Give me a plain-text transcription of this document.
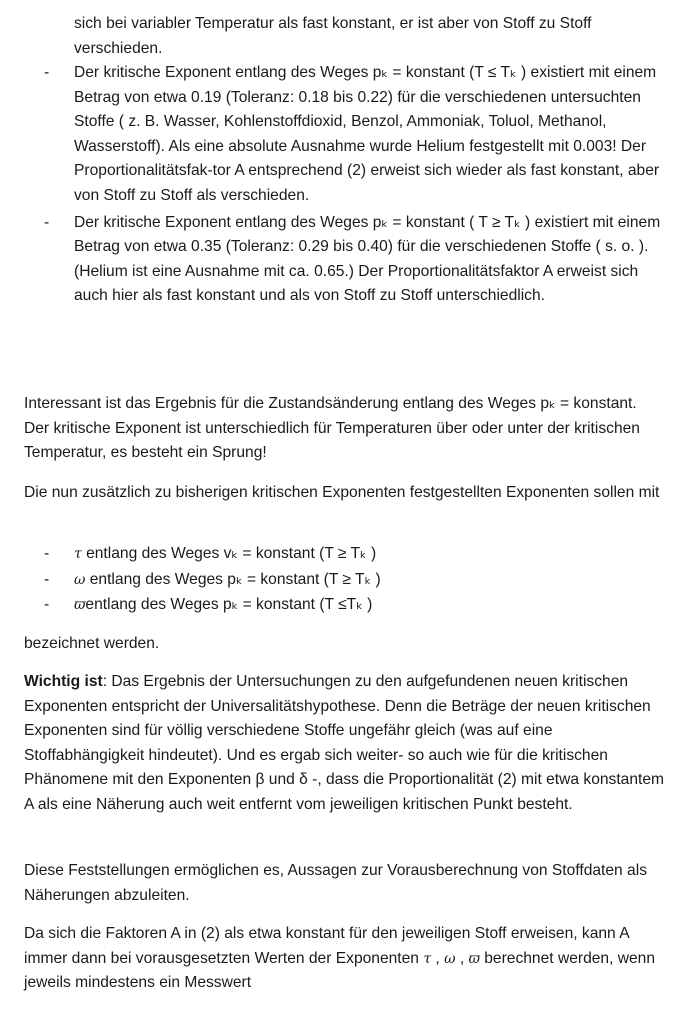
sich bei variabler Temperatur als fast konstant, er ist aber von Stoff zu Stoff verschieden.

- Der kritische Exponent entlang des Weges pₖ = konstant (T ≤ Tₖ ) existiert mit einem Betrag von etwa 0.19 (Toleranz: 0.18 bis 0.22) für die verschiedenen untersuchten Stoffe ( z. B. Wasser, Kohlenstoffdioxid, Benzol, Ammoniak, Toluol, Methanol, Wasserstoff). Als eine absolute Ausnahme wurde Helium festgestellt mit 0.003! Der Proportionalitätsfak-tor A entsprechend (2) erweist sich wieder als fast konstant, aber von Stoff zu Stoff als verschieden.
- Der kritische Exponent entlang des Weges pₖ = konstant ( T ≥ Tₖ ) existiert mit einem Betrag von etwa 0.35 (Toleranz: 0.29 bis 0.40) für die verschiedenen Stoffe ( s. o. ). (Helium ist eine Ausnahme mit ca. 0.65.) Der Proportionalitätsfaktor A erweist sich auch hier als fast konstant und als von Stoff zu Stoff unterschiedlich.

Interessant ist das Ergebnis für die Zustandsänderung entlang des Weges pₖ = konstant. Der kritische Exponent ist unterschiedlich für Temperaturen über oder unter der kritischen Temperatur, es besteht ein Sprung!

Die nun zusätzlich zu bisherigen kritischen Exponenten festgestellten Exponenten sollen mit

- τ entlang des Weges vₖ = konstant (T ≥ Tₖ )
- ω entlang des Weges pₖ = konstant (T ≥ Tₖ )
- ϖentlang des Weges pₖ = konstant (T ≤Tₖ )

bezeichnet werden.

Wichtig ist: Das Ergebnis der Untersuchungen zu den aufgefundenen neuen kritischen Exponenten entspricht der Universalitätshypothese. Denn die Beträge der neuen kritischen Exponenten sind für völlig verschiedene Stoffe ungefähr gleich (was auf eine Stoffabhängigkeit hindeutet). Und es ergab sich weiter- so auch wie für die kritischen Phänomene mit den Exponenten β und δ -, dass die Proportionalität (2) mit etwa konstantem A als eine Näherung auch weit entfernt vom jeweiligen kritischen Punkt besteht.

Diese Feststellungen ermöglichen es, Aussagen zur Vorausberechnung von Stoffdaten als Näherungen abzuleiten.

Da sich die Faktoren A in (2) als etwa konstant für den jeweiligen Stoff erweisen, kann A immer dann bei vorausgesetzten Werten der Exponenten τ , ω , ϖ berechnet werden, wenn jeweils mindestens ein Messwert
